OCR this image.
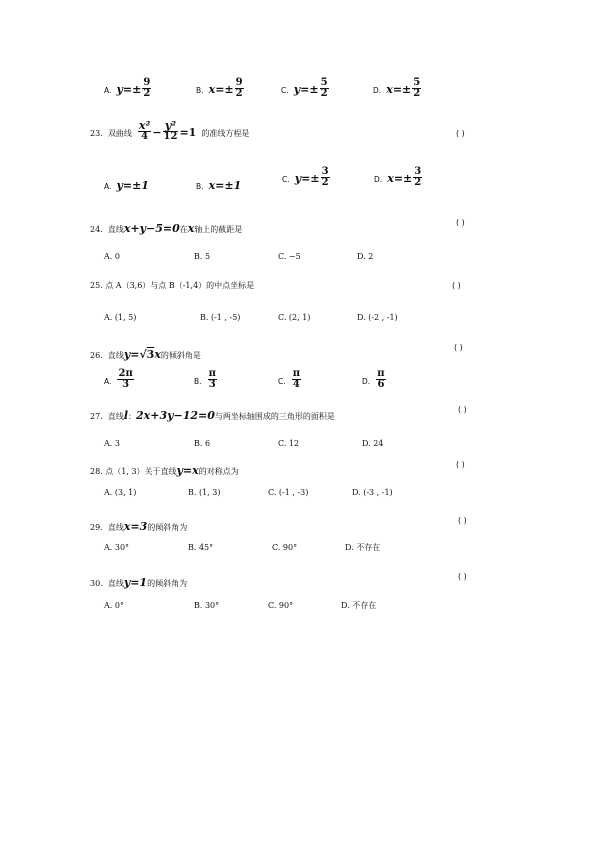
A. $y=\pm \frac{9}{2}$	B. $x=\pm \frac{9}{2}$	C. $y=\pm \frac{5}{2}$	D. $x=\pm \frac{5}{2}$
23. 双曲线 $\frac{\text{x²}}{4} - \frac{\text{y²}}{12} =1$ 的准线方程是	( )
A. y=±1	B. x=±1	C. $y=\pm \frac{3}{2}$	D. $x=\pm \frac{3}{2}$
24. 直线x+y−5=0在x轴上的截距是
( )
A. 0	B. 5	C. −5	D. 2
25. 点 A（3,6）与点 B（-1,4）的中点坐标是	( )
A. (1, 5)	B. (-1 , -5)	C. (2, 1)	D. (-2 , -1)
26. 直线y=√3x的倾斜角是
( )
A. $\frac{2\pi}{3}$	B. $\frac{\pi}{3}$	C. $\frac{\pi}{4}$	D. $\frac{\pi}{6}$
27. 直线l：2x+3y−12=0与两坐标轴围成的三角形的面积是
( )
A. 3	B. 6	C. 12	D. 24
28. 点（1, 3）关于直线y=x的对称点为
( )
A. (3, 1)	B. (1, 3)	C. (-1 , -3)	D. (-3 , -1)
29. 直线x=3的倾斜角为
( )
A. 30°	B. 45°	C. 90°	D. 不存在
30. 直线y=1的倾斜角为
( )
A. 0°	B. 30°	C. 90°	D. 不存在
